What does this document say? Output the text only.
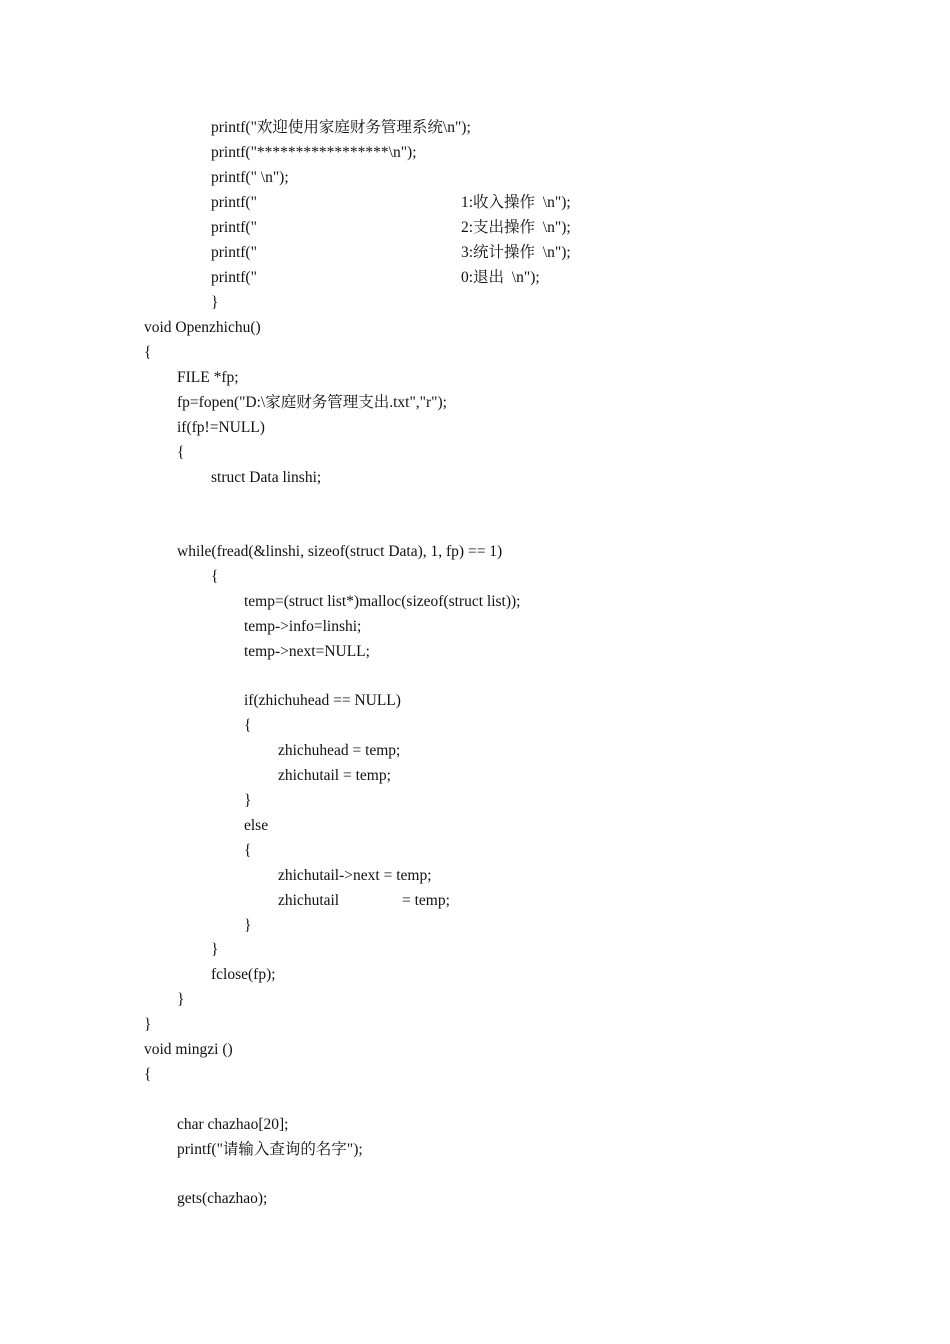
printf("欢迎使用家庭财务管理系统\n");

printf("*****************\n");

printf(" \n");

printf("

	1:收入操作  \n");

printf("

	2:支出操作  \n");

printf("

	3:统计操作  \n");

printf("

	0:退出  \n");

}

void Openzhichu()

{

FILE *fp;

fp=fopen("D:\家庭财务管理支出.txt","r");

if(fp!=NULL)

{

struct Data linshi;

while(fread(&linshi, sizeof(struct Data), 1, fp) == 1)

{

temp=(struct list*)malloc(sizeof(struct list));

temp->info=linshi;

temp->next=NULL;

if(zhichuhead == NULL)

{

zhichuhead = temp;

zhichutail = temp;

}

else

{

zhichutail->next = temp;

zhichutail

	= temp;

}

}

fclose(fp);

}

}

void mingzi ()

{

char chazhao[20];

printf("请输入查询的名字");

gets(chazhao);
